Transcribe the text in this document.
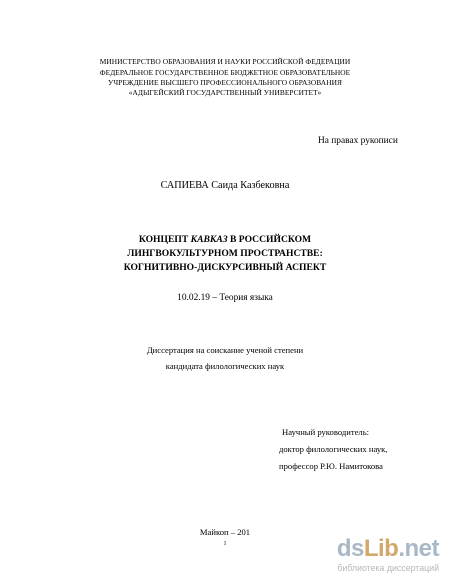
МИНИСТЕРСТВО ОБРАЗОВАНИЯ И НАУКИ РОССИЙСКОЙ ФЕДЕРАЦИИ
ФЕДЕРАЛЬНОЕ ГОСУДАРСТВЕННОЕ БЮДЖЕТНОЕ ОБРАЗОВАТЕЛЬНОЕ
УЧРЕЖДЕНИЕ ВЫСШЕГО ПРОФЕССИОНАЛЬНОГО ОБРАЗОВАНИЯ
«АДЫГЕЙСКИЙ ГОСУДАРСТВЕННЫЙ УНИВЕРСИТЕТ»
На правах рукописи
САПИЕВА Саида Казбековна
КОНЦЕПТ КАВКАЗ В РОССИЙСКОМ
ЛИНГВОКУЛЬТУРНОМ ПРОСТРАНСТВЕ:
КОГНИТИВНО-ДИСКУРСИВНЫЙ АСПЕКТ
10.02.19 – Теория языка
Диссертация на соискание ученой степени
кандидата филологических наук
Научный руководитель:
доктор филологических наук,
профессор Р.Ю. Намитокова
Майкоп – 201
1	dsLib.net
библиотека диссертаций
